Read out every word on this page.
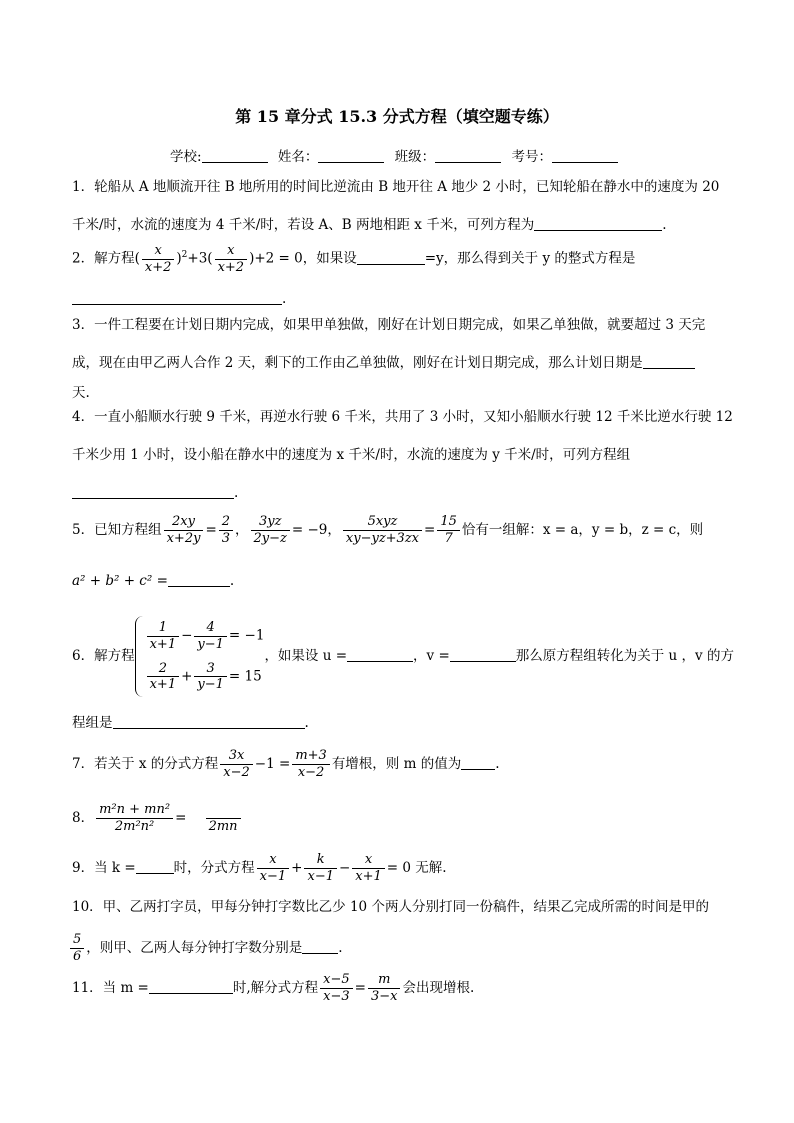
第 15 章分式 15.3 分式方程（填空题专练）
学校:	姓名：	班级：	考号：
1．轮船从 A 地顺流开往 B 地所用的时间比逆流由 B 地开往 A 地少 2 小时，已知轮船在静水中的速度为 20
千米/时，水流的速度为 4 千米/时，若设 A、B 两地相距 x 千米，可列方程为	.
2．解方程( $\frac{x}{x+2} )^2+3( \frac{x}{x+2} )+2 = 0$，如果设	=y，那么得到关于 y 的整式方程是
.
3．一件工程要在计划日期内完成，如果甲单独做，刚好在计划日期完成，如果乙单独做，就要超过 3 天完
成，现在由甲乙两人合作 2 天，剩下的工作由乙单独做，刚好在计划日期完成，那么计划日期是
天.
4．一直小船顺水行驶 9 千米，再逆水行驶 6 千米，共用了 3 小时，又知小船顺水行驶 12 千米比逆水行驶 12
千米少用 1 小时，设小船在静水中的速度为 x 千米/时，水流的速度为 y 千米/时，可列方程组
.
5．已知方程组 $\frac{2xy}{x+2y} = \frac{2}{3}$ ， $\frac{3yz}{2y-z} = -9$， $\frac{\text{5xyz}}{xy-yz+3zx} = \frac{15}{7}$ 恰有一组解：x = a，y = b，z = c，则
a² + b² + c² =	.
6．解方程
$\frac{1}{x+1} - \frac{4}{y-1} = -1$
$\frac{2}{x+1} + \frac{3}{y-1} = 15$
，如果设 u =	，v =	那么原方程组转化为关于 u ，v 的方
程组是	.
7．若关于 x 的分式方程 $\frac{3x}{x-2} -1 = \frac{m+3}{x-2}$ 有增根，则 m 的值为	.
8． $\frac{\text{m²n + mn²}}{\text{2m²n²}}$ =
2mn
9．当 k =	时，分式方程 $\frac{x}{x-1} + \frac{k}{x-1} - \frac{x}{x+1} = 0$ 无解.
10．甲、乙两打字员，甲每分钟打字数比乙少 10 个两人分别打同一份稿件，结果乙完成所需的时间是甲的
$\frac{5}{6}$ ，则甲、乙两人每分钟打字数分别是	.
11．当 m =	时,解分式方程 $\frac{x-5}{x-3} = \frac{m}{3-x}$ 会出现增根.
